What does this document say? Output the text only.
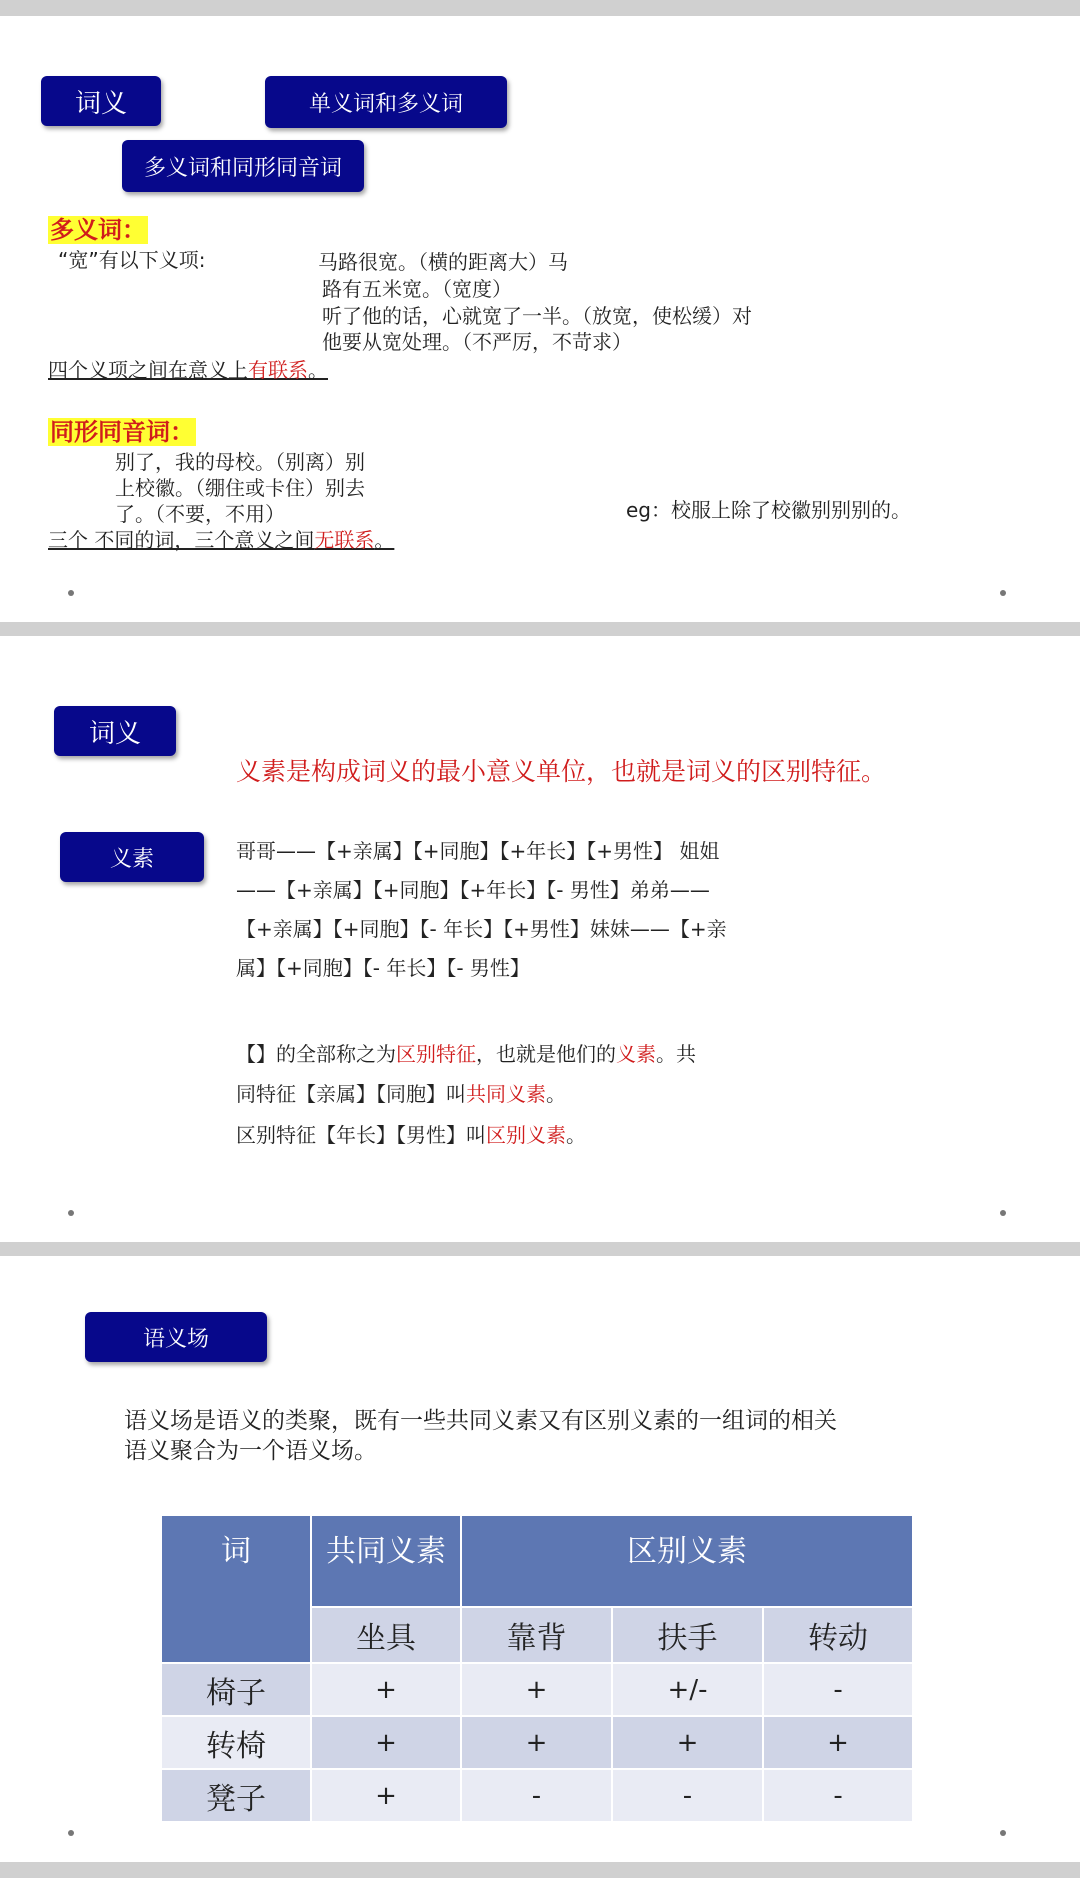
词义	单义词和多义词
多义词和同形同音词
多义词：
“宽”有以下义项:	马路很宽。（横的距离大）马
路有五米宽。（宽度）
听了他的话，心就宽了一半。（放宽，使松缓）对
他要从宽处理。（不严厉，不苛求）
四个义项之间在意义上有联系。
同形同音词：
别了，我的母校。（别离）别
上校徽。（绷住或卡住）别去
了。（不要，不用）	eg：校服上除了校徽别别别的。
三个 不同的词，三个意义之间无联系。
词义
义素是构成词义的最小意义单位，也就是词义的区别特征。
义素	哥哥——【+亲属】【+同胞】【+年长】【+男性】 姐姐
——【+亲属】【+同胞】【+年长】【- 男性】弟弟——
【+亲属】【+同胞】【- 年长】【+男性】妹妹——【+亲
属】【+同胞】【- 年长】【- 男性】
【】的全部称之为区别特征，也就是他们的义素。共
同特征【亲属】【同胞】叫共同义素。
区别特征【年长】【男性】叫区别义素。
语义场
语义场是语义的类聚，既有一些共同义素又有区别义素的一组词的相关
语义聚合为一个语义场。
词	共同义素	区别义素		
	坐具	靠背	扶手	转动
椅子	+	+	+/-	-
转椅	+	+	+	+
凳子	+	-	-	-
